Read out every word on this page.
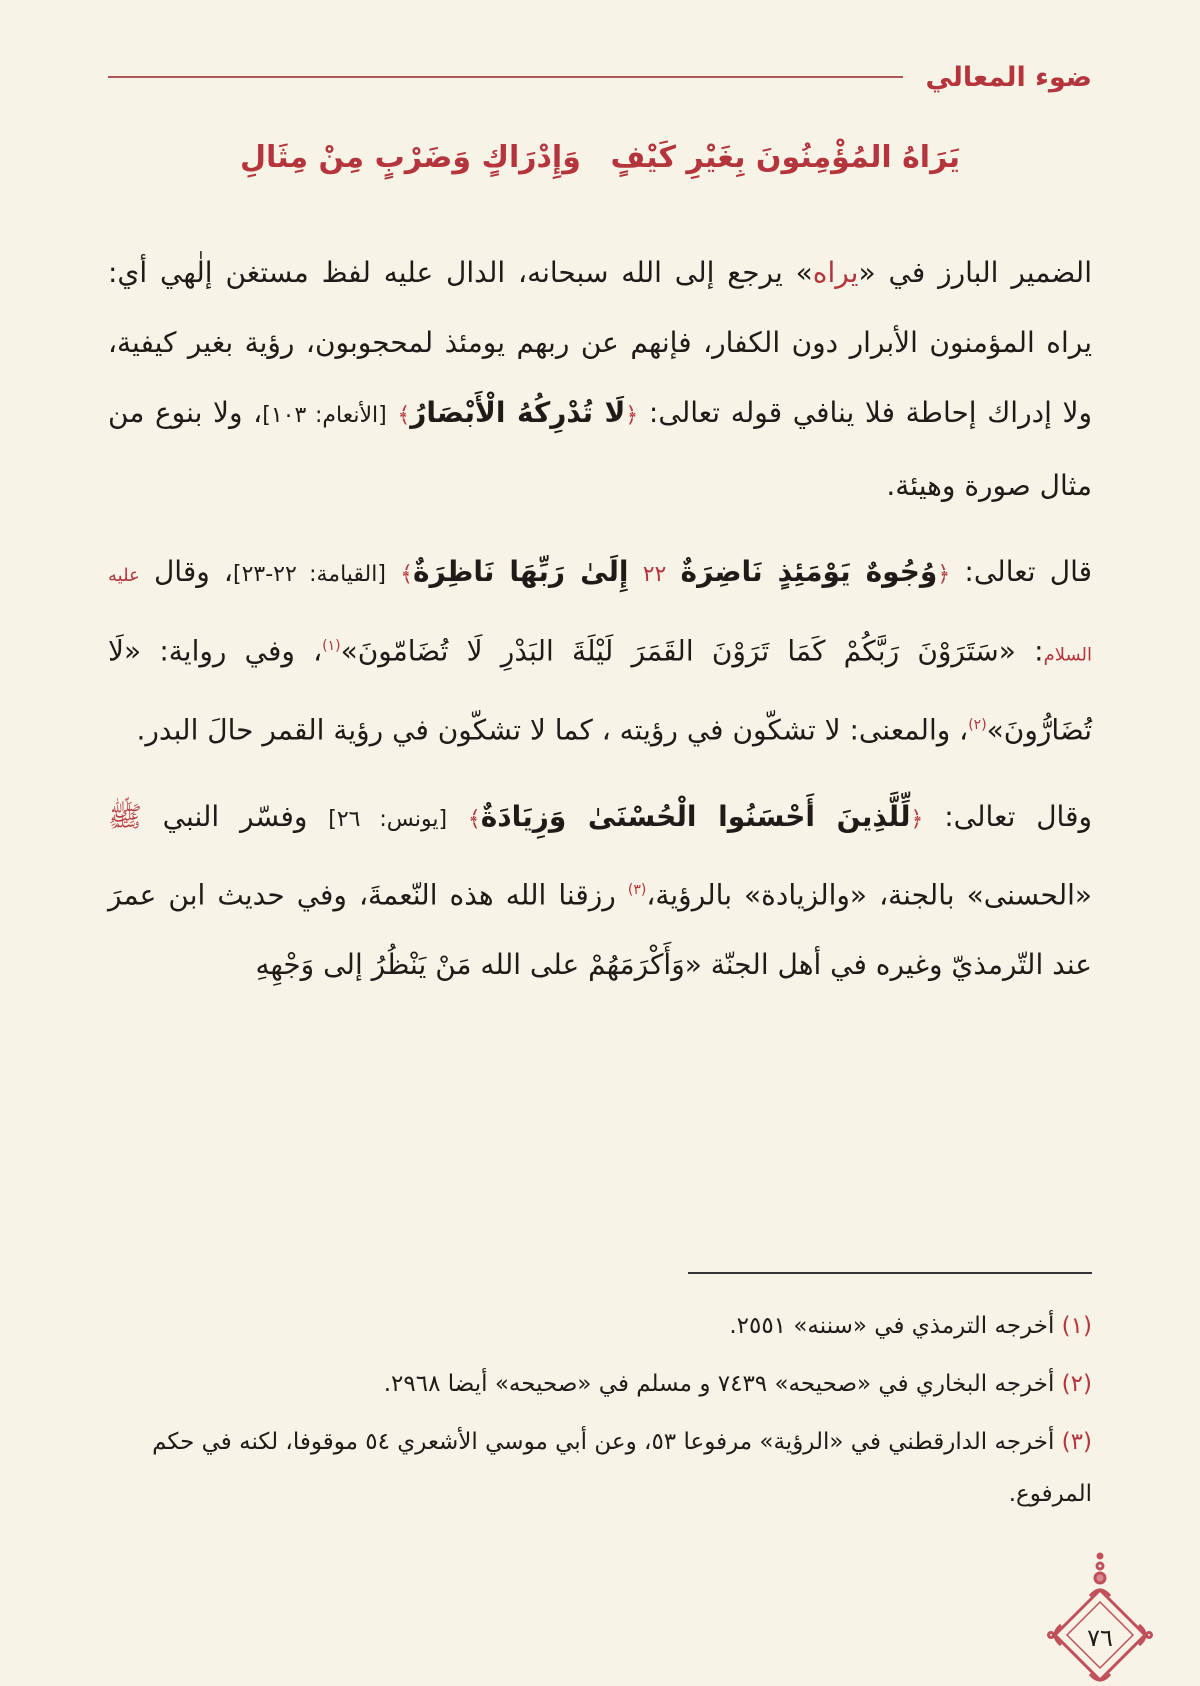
ضوء المعالي
يَرَاهُ المُؤْمِنُونَ بِغَيْرِ كَيْفٍ
وَإِدْرَاكٍ وَضَرْبٍ مِنْ مِثَالِ

الضمير البارز في «يراه» يرجع إلى الله سبحانه، الدال عليه لفظ مستغن إلٰهي أي: يراه المؤمنون الأبرار دون الكفار، فإنهم عن ربهم يومئذ لمحجوبون، رؤية بغير كيفية، ولا إدراك إحاطة فلا ينافي قوله تعالى: ﴿لَا تُدْرِكُهُ الْأَبْصَارُ﴾ [الأنعام: ١٠٣]، ولا بنوع من مثال صورة وهيئة.

قال تعالى: ﴿وُجُوهٌ يَوْمَئِذٍ نَاضِرَةٌ ٢٢ إِلَىٰ رَبِّهَا نَاظِرَةٌ﴾ [القيامة: ٢٢-٢٣]، وقال عليه السلام: «سَتَرَوْنَ رَبَّكُمْ كَمَا تَرَوْنَ القَمَرَ لَيْلَةَ البَدْرِ لَا تُضَامّونَ»$^{(١)}$، وفي رواية: «لَا تُضَارُّونَ»$^{(٢)}$، والمعنى: لا تشكّون في رؤيته ، كما لا تشكّون في رؤية القمر حالَ البدر.

وقال تعالى: ﴿لِّلَّذِينَ أَحْسَنُوا الْحُسْنَىٰ وَزِيَادَةٌ﴾ [يونس: ٢٦] وفسّر النبي ﷺ «الحسنى» بالجنة، «والزيادة» بالرؤية،$^{(٣)}$ رزقنا الله هذه النّعمةَ، وفي حديث ابن عمرَ عند التّرمذيّ وغيره في أهل الجنّة «وَأَكْرَمَهُمْ على الله مَنْ يَنْظُرُ إلى وَجْهِهِ

(١) أخرجه الترمذي في «سننه» ٢٥٥١.

(٢) أخرجه البخاري في «صحيحه» ٧٤٣٩ و مسلم في «صحيحه» أيضا ٢٩٦٨.

(٣) أخرجه الدارقطني في «الرؤية» مرفوعا ٥٣، وعن أبي موسي الأشعري ٥٤ موقوفا، لكنه في حكم المرفوع.

٧٦
